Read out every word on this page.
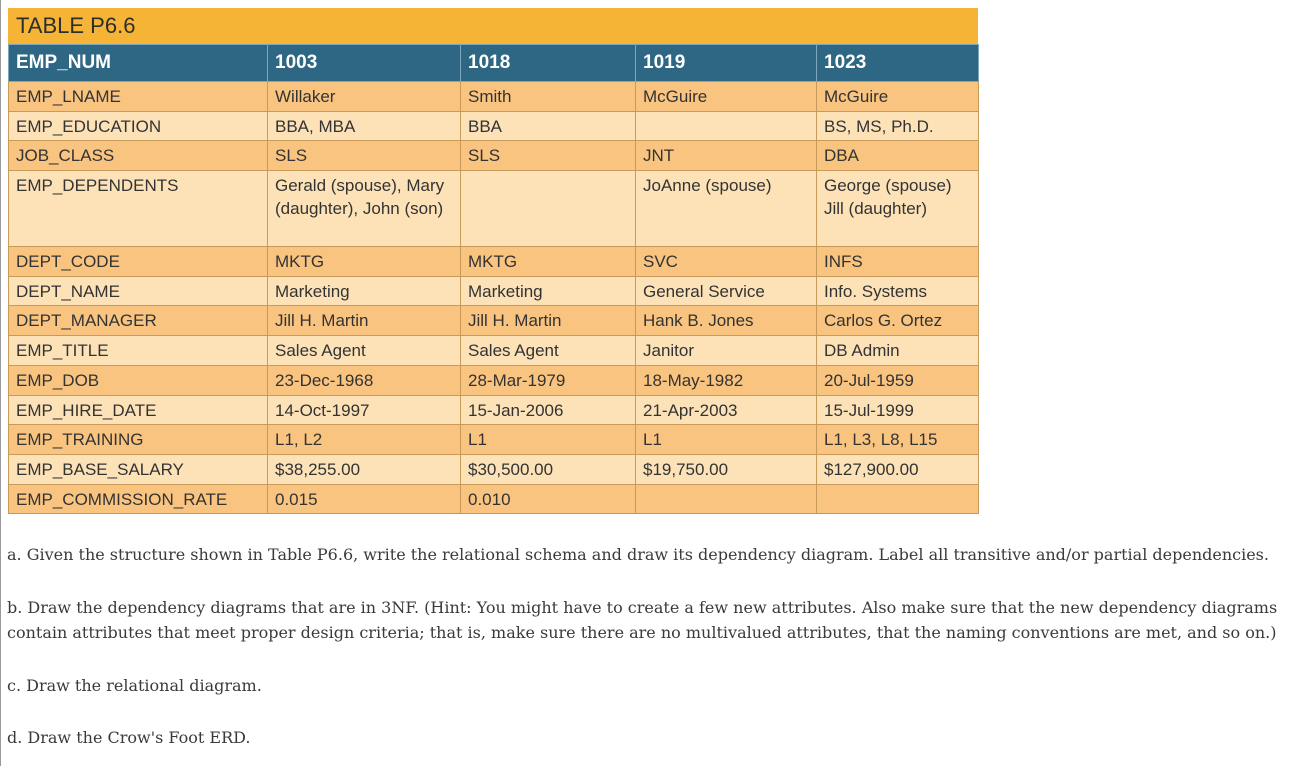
TABLE P6.6
EMP_NUM	1003	1018	1019	1023
EMP_LNAME	Willaker	Smith	McGuire	McGuire
EMP_EDUCATION	BBA, MBA	BBA		BS, MS, Ph.D.
JOB_CLASS	SLS	SLS	JNT	DBA
EMP_DEPENDENTS	Gerald (spouse), Mary (daughter), John (son)		JoAnne (spouse)	George (spouse) Jill (daughter)
DEPT_CODE	MKTG	MKTG	SVC	INFS
DEPT_NAME	Marketing	Marketing	General Service	Info. Systems
DEPT_MANAGER	Jill H. Martin	Jill H. Martin	Hank B. Jones	Carlos G. Ortez
EMP_TITLE	Sales Agent	Sales Agent	Janitor	DB Admin
EMP_DOB	23-Dec-1968	28-Mar-1979	18-May-1982	20-Jul-1959
EMP_HIRE_DATE	14-Oct-1997	15-Jan-2006	21-Apr-2003	15-Jul-1999
EMP_TRAINING	L1, L2	L1	L1	L1, L3, L8, L15
EMP_BASE_SALARY	$38,255.00	$30,500.00	$19,750.00	$127,900.00
EMP_COMMISSION_RATE	0.015	0.010		

a. Given the structure shown in Table P6.6, write the relational schema and draw its dependency diagram. Label all transitive and/or partial dependencies.

b. Draw the dependency diagrams that are in 3NF. (Hint: You might have to create a few new attributes. Also make sure that the new dependency diagrams contain attributes that meet proper design criteria; that is, make sure there are no multivalued attributes, that the naming conventions are met, and so on.)

c. Draw the relational diagram.

d. Draw the Crow's Foot ERD.
